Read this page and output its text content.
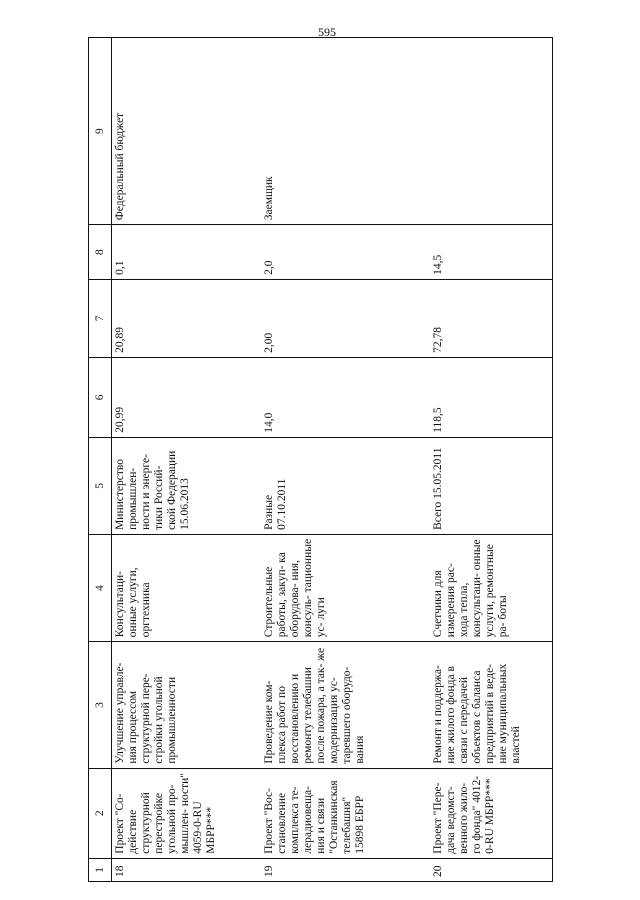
595
1	2	3	4	5	6	7	8	9
18	Проект "Со- действие структурной перестройке угольной про- мышлен- ности" 4059-0-RU МБРР***	Улучшение управле- ния процессом структурной пере- стройки угольной промышленности	Консультаци- онные услуги, оргтехника	Министерство промышлен- ности и энерге- тики Россий- ской Федерации 15.06.2013	20,99	20,89	0,1	Федеральный бюджет
19	Проект "Вос- становление комплекса те- лерадиовеща- ния и связи "Останкинская телебашня" 15898 ЕБРР	Проведение ком- плекса работ по восстановлению и ремонту телебашни после пожара, а так- же модернизация ус- таревшего оборудо- вания	Строительные работы, закуп- ка оборудова- ния, консуль- тационные ус- луги	Разные 07.10.2011	14,0	2,00	2,0	Заемщик
20	Проект "Пере- дача ведомст- венного жило- го фонда" 4012-0-RU МБРР***	Ремонт и поддержа- ние жилого фонда в связи с передачей объектов с баланса предприятий в веде- ние муниципальных властей	Счетчики для измерения рас- хода тепла, консультаци- онные услуги, ремонтные ра- боты	Всего 15.05.2011	118,5	72,78	14,5	
